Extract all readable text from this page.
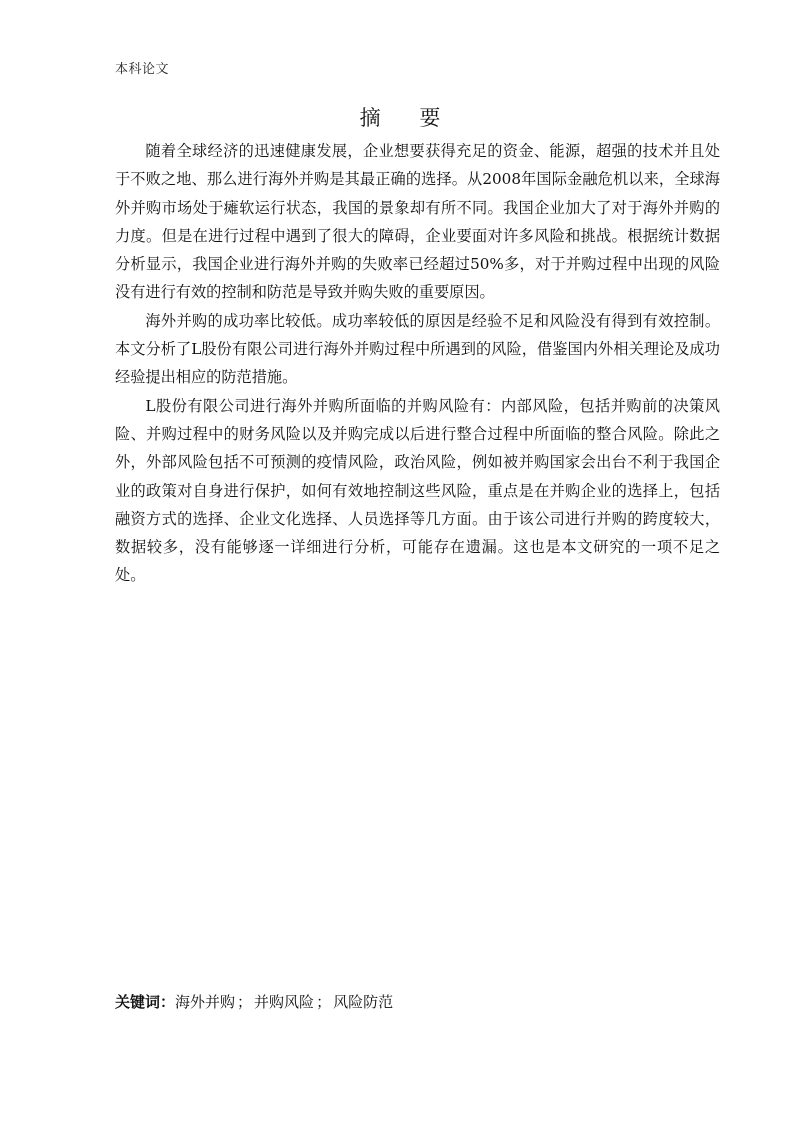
本科论文
摘 要

随着全球经济的迅速健康发展，企业想要获得充足的资金、能源，超强的技术并且处于不败之地、那么进行海外并购是其最正确的选择。从2008年国际金融危机以来，全球海外并购市场处于瘫软运行状态，我国的景象却有所不同。我国企业加大了对于海外并购的力度。但是在进行过程中遇到了很大的障碍，企业要面对许多风险和挑战。根据统计数据分析显示，我国企业进行海外并购的失败率已经超过50%多，对于并购过程中出现的风险没有进行有效的控制和防范是导致并购失败的重要原因。

海外并购的成功率比较低。成功率较低的原因是经验不足和风险没有得到有效控制。本文分析了L股份有限公司进行海外并购过程中所遇到的风险，借鉴国内外相关理论及成功经验提出相应的防范措施。

L股份有限公司进行海外并购所面临的并购风险有：内部风险，包括并购前的决策风险、并购过程中的财务风险以及并购完成以后进行整合过程中所面临的整合风险。除此之外，外部风险包括不可预测的疫情风险，政治风险，例如被并购国家会出台不利于我国企业的政策对自身进行保护，如何有效地控制这些风险，重点是在并购企业的选择上，包括融资方式的选择、企业文化选择、人员选择等几方面。由于该公司进行并购的跨度较大，数据较多，没有能够逐一详细进行分析，可能存在遗漏。这也是本文研究的一项不足之处。

关键词：海外并购 ； 并购风险 ； 风险防范
